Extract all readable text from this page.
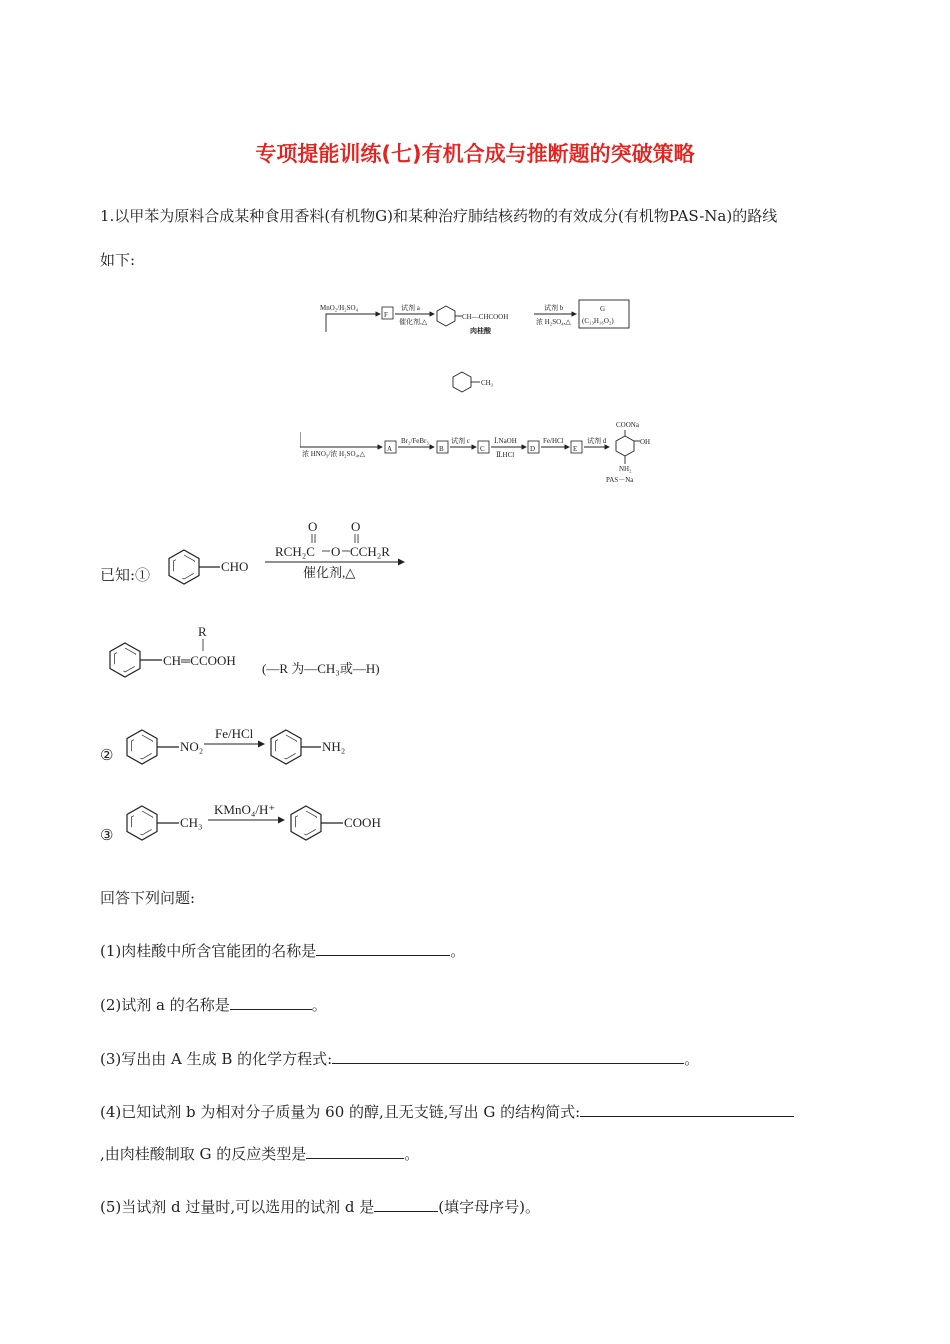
专项提能训练(七)有机合成与推断题的突破策略
1.以甲苯为原料合成某种食用香料(有机物G)和某种治疗肺结核药物的有效成分(有机物PAS-Na)的路线
如下:
MnO₂/H₂SO₄
F
试剂 a
催化剂,△
CH—CHCOOH
肉桂酸
试剂 b
浓 H₂SO₄,△
G
(C₁₃H₁₆O₂)
CH₃
浓 HNO₃/浓 H₂SO₄,△
A
Br₂/FeBr₃
B
试剂 c
C
Ⅰ.NaOH
Ⅱ.HCl
D
Fe/HCl
E
试剂 d
COONa
OH
NH₂
PAS－Na
已知:①	CHO
O	O
RCH₂C O CCH₂R
催化剂,△
R
CH═CCOOH
(—R 为—CH₃或—H)
②	NO₂
Fe/HCl
NH₂
③
CH₃
KMnO₄/H⁺
COOH
回答下列问题:
(1)肉桂酸中所含官能团的名称是	。
(2)试剂 a 的名称是	。
(3)写出由 A 生成 B 的化学方程式:	。
(4)已知试剂 b 为相对分子质量为 60 的醇,且无支链,写出 G 的结构简式:
,由肉桂酸制取 G 的反应类型是	。
(5)当试剂 d 过量时,可以选用的试剂 d 是	(填字母序号)。
